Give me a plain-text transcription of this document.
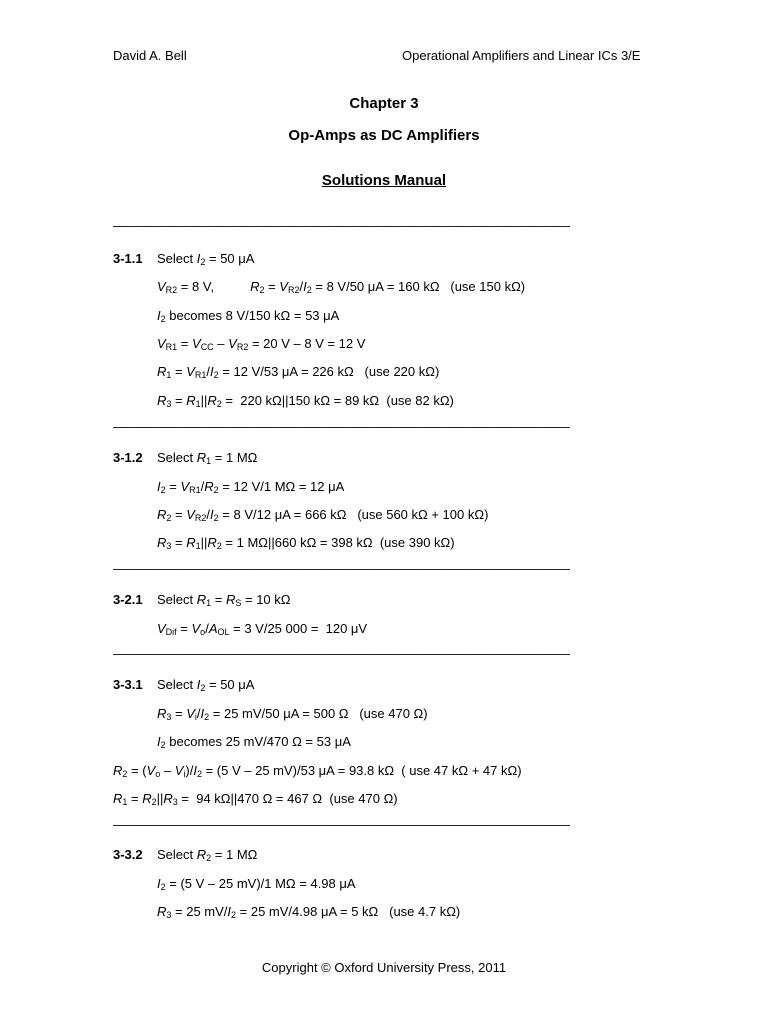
David A. Bell	Operational Amplifiers and Linear ICs 3/E
Chapter 3
Op-Amps as DC Amplifiers
Solutions Manual
——————————————————————————————————————
3-1.1 Select $I_2 = 50$ μA
$V_{R2} = 8$ V,          $R_2 = V_{R2}/I_2 = 8$ V/50 μA = 160 kΩ   (use 150 kΩ)
$I_2$ becomes 8 V/150 kΩ = 53 μA
$V_{R1} = V_{CC} - V_{R2} = 20$ V – 8 V = 12 V
$R_1 = V_{R1}/I_2 = 12$ V/53 μA = 226 kΩ   (use 220 kΩ)
$R_3 = R_1||R_2 = 220$ kΩ||150 kΩ = 89 kΩ  (use 82 kΩ)
——————————————————————————————————————
3-1.2 Select $R_1 = 1$ MΩ
$I_2 = V_{R1}/R_2 = 12$ V/1 MΩ = 12 μA
$R_2 = V_{R2}/I_2 = 8$ V/12 μA = 666 kΩ   (use 560 kΩ + 100 kΩ)
$R_3 = R_1||R_2 = 1$ MΩ||660 kΩ = 398 kΩ  (use 390 kΩ)
——————————————————————————————————————
3-2.1 Select $R_1 = R_S = 10$ kΩ
$V_{Dif} = V_o/A_{OL} = 3$ V/25 000 =  120 μV
——————————————————————————————————————
3-3.1 Select $I_2 = 50$ μA
$R_3 = V_i/I_2 = 25$ mV/50 μA = 500 Ω   (use 470 Ω)
$I_2$ becomes 25 mV/470 Ω = 53 μA
$R_2 = (V_o - V_i)/I_2 = (5$ V – 25 mV)/53 μA = 93.8 kΩ  ( use 47 kΩ + 47 kΩ)
$R_1 = R_2||R_3 = 94$ kΩ||470 Ω = 467 Ω  (use 470 Ω)
——————————————————————————————————————
3-3.2 Select $R_2 = 1$ MΩ
$I_2 = (5$ V – 25 mV)/1 MΩ = 4.98 μA
$R_3 = 25$ $mV/I_2 = 25$ mV/4.98 μA = 5 kΩ   (use 4.7 kΩ)
Copyright © Oxford University Press, 2011
